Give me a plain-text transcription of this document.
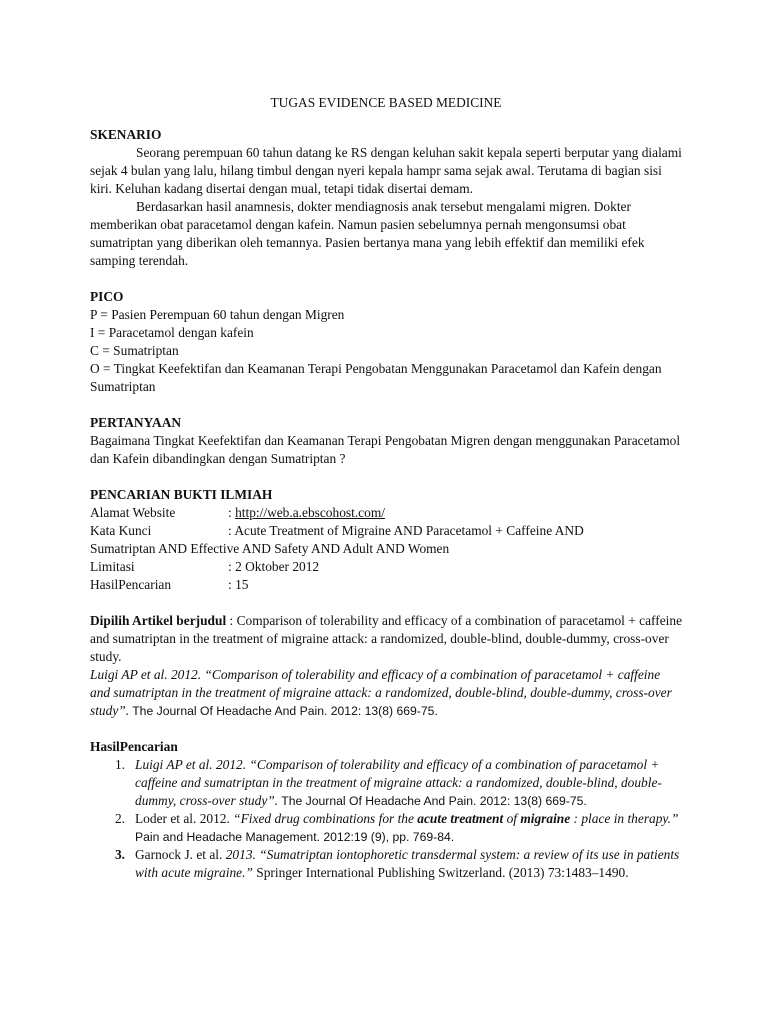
TUGAS EVIDENCE BASED MEDICINE

SKENARIO

Seorang perempuan 60 tahun datang ke RS dengan keluhan sakit kepala seperti berputar yang dialami sejak 4 bulan yang lalu, hilang timbul dengan nyeri kepala hampr sama sejak awal. Terutama di bagian sisi kiri. Keluhan kadang disertai dengan mual, tetapi tidak disertai demam.

Berdasarkan hasil anamnesis, dokter mendiagnosis anak tersebut mengalami migren. Dokter memberikan obat paracetamol dengan kafein. Namun pasien sebelumnya pernah mengonsumsi obat sumatriptan yang diberikan oleh temannya. Pasien bertanya mana yang lebih effektif dan memiliki efek samping terendah.

PICO

P = Pasien Perempuan 60 tahun dengan Migren

I = Paracetamol dengan kafein

C = Sumatriptan

O = Tingkat Keefektifan dan Keamanan Terapi Pengobatan Menggunakan Paracetamol dan Kafein dengan Sumatriptan

PERTANYAAN

Bagaimana Tingkat Keefektifan dan Keamanan Terapi Pengobatan Migren dengan menggunakan Paracetamol dan Kafein dibandingkan dengan Sumatriptan ?

PENCARIAN BUKTI ILMIAH

Alamat Website	: http://web.a.ebscohost.com/
Kata Kunci	: Acute Treatment of Migraine AND Paracetamol + Caffeine AND

Sumatriptan AND Effective AND Safety AND Adult AND Women

Limitasi	: 2 Oktober 2012
HasilPencarian	: 15

Dipilih Artikel berjudul : Comparison of tolerability and efficacy of a combination of paracetamol + caffeine and sumatriptan in the treatment of migraine attack: a randomized, double-blind, double-dummy, cross-over study.

Luigi AP et al. 2012. “Comparison of tolerability and efficacy of a combination of paracetamol + caffeine and sumatriptan in the treatment of migraine attack: a randomized, double-blind, double-dummy, cross-over study”. The Journal Of Headache And Pain. 2012: 13(8) 669-75.

HasilPencarian

1. Luigi AP et al. 2012. “Comparison of tolerability and efficacy of a combination of paracetamol + caffeine and sumatriptan in the treatment of migraine attack: a randomized, double-blind, double-dummy, cross-over study”. The Journal Of Headache And Pain. 2012: 13(8) 669-75.
2. Loder et al. 2012. “Fixed drug combinations for the acute treatment of migraine : place in therapy.” Pain and Headache Management. 2012:19 (9), pp. 769-84.
3. Garnock J. et al. 2013. “Sumatriptan iontophoretic transdermal system: a review of its use in patients with acute migraine.” Springer International Publishing Switzerland. (2013) 73:1483–1490.
